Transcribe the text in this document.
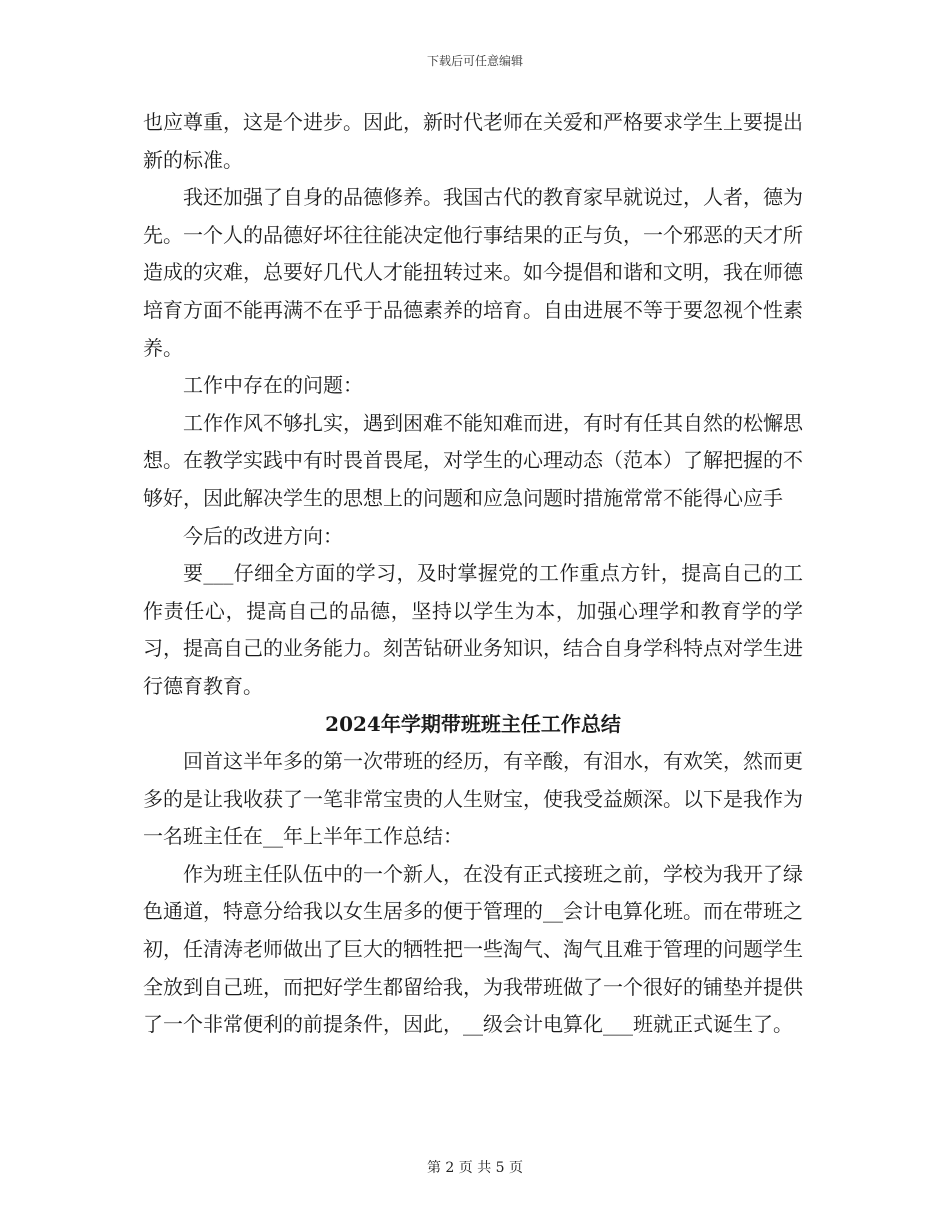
下载后可任意编辑

也应尊重，这是个进步。因此，新时代老师在关爱和严格要求学生上要提出新的标准。

我还加强了自身的品德修养。我国古代的教育家早就说过，人者，德为先。一个人的品德好坏往往能决定他行事结果的正与负，一个邪恶的天才所造成的灾难，总要好几代人才能扭转过来。如今提倡和谐和文明，我在师德培育方面不能再满不在乎于品德素养的培育。自由进展不等于要忽视个性素养。

工作中存在的问题：

工作作风不够扎实，遇到困难不能知难而进，有时有任其自然的松懈思想。在教学实践中有时畏首畏尾，对学生的心理动态（范本）了解把握的不够好，因此解决学生的思想上的问题和应急问题时措施常常不能得心应手

今后的改进方向：

要___仔细全方面的学习，及时掌握党的工作重点方针，提高自己的工作责任心，提高自己的品德，坚持以学生为本，加强心理学和教育学的学习，提高自己的业务能力。刻苦钻研业务知识，结合自身学科特点对学生进行德育教育。

2024年学期带班班主任工作总结

回首这半年多的第一次带班的经历，有辛酸，有泪水，有欢笑，然而更多的是让我收获了一笔非常宝贵的人生财宝，使我受益颇深。以下是我作为一名班主任在__年上半年工作总结：

作为班主任队伍中的一个新人，在没有正式接班之前，学校为我开了绿色通道，特意分给我以女生居多的便于管理的__会计电算化班。而在带班之初，任清涛老师做出了巨大的牺牲把一些淘气、淘气且难于管理的问题学生全放到自己班，而把好学生都留给我，为我带班做了一个很好的铺垫并提供了一个非常便利的前提条件，因此，__级会计电算化___班就正式诞生了。

第 2 页 共 5 页
